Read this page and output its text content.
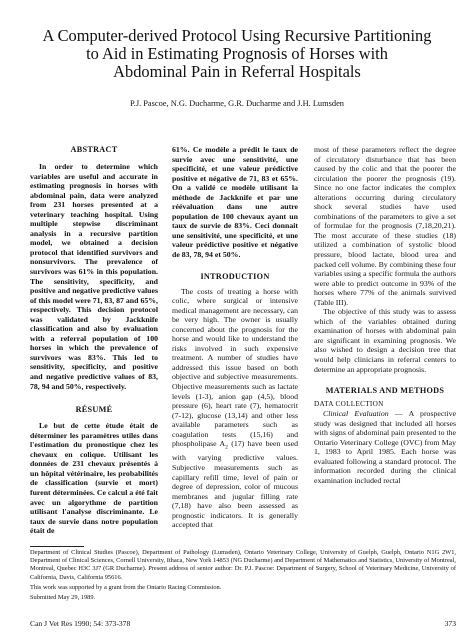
A Computer-derived Protocol Using Recursive Partitioning
to Aid in Estimating Prognosis of Horses with
Abdominal Pain in Referral Hospitals
P.J. Pascoe, N.G. Ducharme, G.R. Ducharme and J.H. Lumsden
ABSTRACT

In order to determine which variables are useful and accurate in estimating prognosis in horses with abdominal pain, data were analyzed from 231 horses presented at a veterinary teaching hospital. Using multiple stepwise discriminant analysis in a recursive partition model, we obtained a decision protocol that identified survivors and nonsurvivors. The prevalence of survivors was 61% in this population. The sensitivity, specificity, and positive and negative predictive values of this model were 71, 83, 87 and 65%, respectively. This decision protocol was validated by Jackknife classification and also by evaluation with a referral population of 100 horses in which the prevalence of survivors was 83%. This led to sensitivity, specificity, and positive and negative predictive values of 83, 78, 94 and 50%, respectively.

RÉSUMÉ

Le but de cette étude était de déterminer les paramètres utiles dans l'estimation du pronostique chez les chevaux en colique. Utilisant les données de 231 chevaux présentés à un hôpital vétérinaire, les probabilités de classification (survie et mort) furent déterminées. Ce calcul a été fait avec un algorythme de partition utilisant l'analyse discriminante. Le taux de survie dans notre population était de

61%. Ce modèle a prédit le taux de survie avec une sensitivité, une specificité, et une valeur prédictive positive et négative de 71, 83 et 65%. On a validé ce modèle utilisant la méthode de Jackknife et par une réévaluation dans une autre population de 100 chevaux ayant un taux de survie de 83%. Ceci donnait une sensitivité, une specificité, et une valeur prédictive positive et négative de 83, 78, 94 et 50%.

INTRODUCTION

The costs of treating a horse with colic, where surgical or intensive medical management are necessary, can be very high. The owner is usually concerned about the prognosis for the horse and would like to understand the risks involved in such expensive treatment. A number of studies have addressed this issue based on both objective and subjective measurements. Objective measurements such as lactate levels (1-3), anion gap (4,5), blood pressure (6), heart rate (7), hematocrit (7-12), glucose (13,14) and other less available parameters such as coagulation tests (15,16) and phospholipase $A_2$ (17) have been used with varying predictive values. Subjective measurements such as capillary refill time, level of pain or degree of depression, color of mucous membranes and jugular filling rate (7,18) have also been assessed as prognostic indicators. It is generally accepted that

most of these parameters reflect the degree of circulatory disturbance that has been caused by the colic and that the poorer the circulation the poorer the prognosis (19). Since no one factor indicates the complex alterations occurring during circulatory shock several studies have used combinations of the parameters to give a set of formulae for the prognosis (7,18,20,21). The most accurate of these studies (18) utilized a combination of systolic blood pressure, blood lactate, blood urea and packed cell volume. By combining these four variables using a specific formula the authors were able to predict outcome in 93% of the horses where 77% of the animals survived (Table III).

The objective of this study was to assess which of the variables obtained during examination of horses with abdominal pain are significant in examining prognosis. We also wished to design a decision tree that would help clinicians in referral centers to determine an appropriate prognosis.

MATERIALS AND METHODS
DATA COLLECTION

Clinical Evaluation — A prospective study was designed that included all horses with signs of abdominal pain presented to the Ontario Veterinary College (OVC) from May 1, 1983 to April 1985. Each horse was evaluated following a standard protocol. The information recorded during the clinical examination included rectal

Department of Clinical Studies (Pascoe), Department of Pathology (Lumsden), Ontario Veterinary College, University of Guelph, Guelph, Ontario N1G 2W1, Department of Clinical Sciences, Cornell University, Ithaca, New York 14853 (NG Ducharme) and Department of Mathematics and Statistics, University of Montreal, Montreal, Quebec H3C 3J7 (GR Ducharme). Present address of senior author: Dr. P.J. Pascoe: Department of Surgery, School of Veterinary Medicine, University of California, Davis, California 95616.

This work was supported by a grant from the Ontario Racing Commission.

Submitted May 29, 1989.

Can J Vet Res 1990; 54: 373-378	373
